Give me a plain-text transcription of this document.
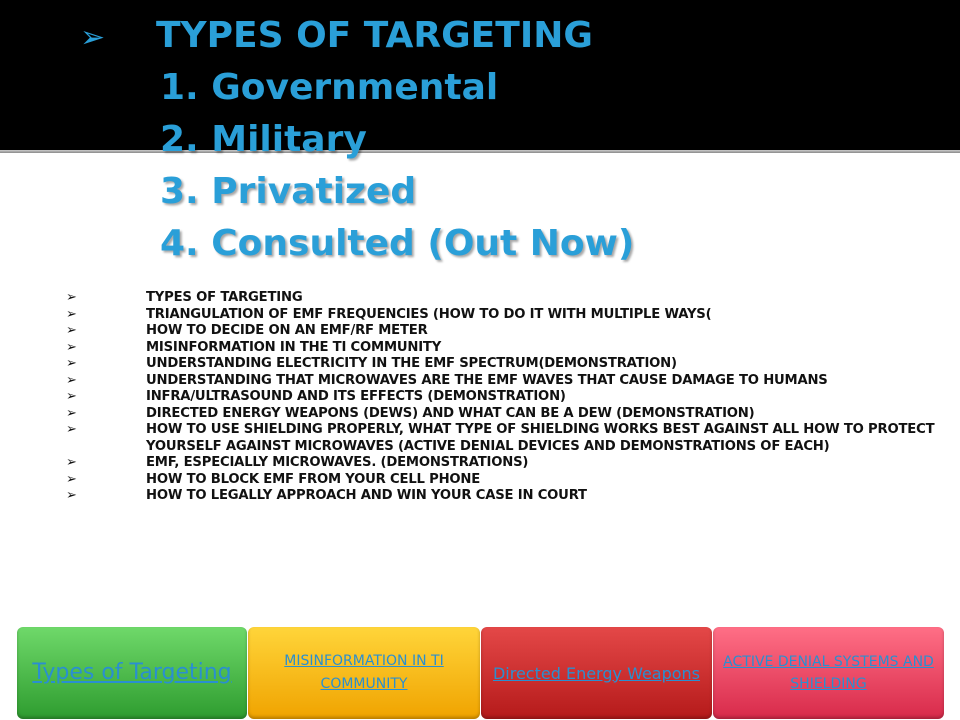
➢ TYPES OF TARGETING
1. Governmental
2. Military
3. Privatized
4. Consulted (Out Now)
➢	TYPES OF TARGETING
➢	TRIANGULATION OF EMF FREQUENCIES (HOW TO DO IT WITH MULTIPLE WAYS(
➢	HOW TO DECIDE ON AN EMF/RF METER
➢	MISINFORMATION IN THE TI COMMUNITY
➢	UNDERSTANDING ELECTRICITY IN THE EMF SPECTRUM(DEMONSTRATION)
➢	UNDERSTANDING THAT MICROWAVES ARE THE EMF WAVES THAT CAUSE DAMAGE TO HUMANS
➢	INFRA/ULTRASOUND AND ITS EFFECTS (DEMONSTRATION)
➢	DIRECTED ENERGY WEAPONS (DEWS) AND WHAT CAN BE A DEW (DEMONSTRATION)
➢	HOW TO USE SHIELDING PROPERLY, WHAT TYPE OF SHIELDING WORKS BEST AGAINST ALL HOW TO PROTECT YOURSELF AGAINST MICROWAVES (ACTIVE DENIAL DEVICES AND DEMONSTRATIONS OF EACH)
➢	EMF, ESPECIALLY MICROWAVES. (DEMONSTRATIONS)
➢	HOW TO BLOCK EMF FROM YOUR CELL PHONE
➢	HOW TO LEGALLY APPROACH AND WIN YOUR CASE IN COURT
Types of Targeting	MISINFORMATION IN TI COMMUNITY
Directed Energy Weapons
ACTIVE DENIAL SYSTEMS AND SHIELDING
